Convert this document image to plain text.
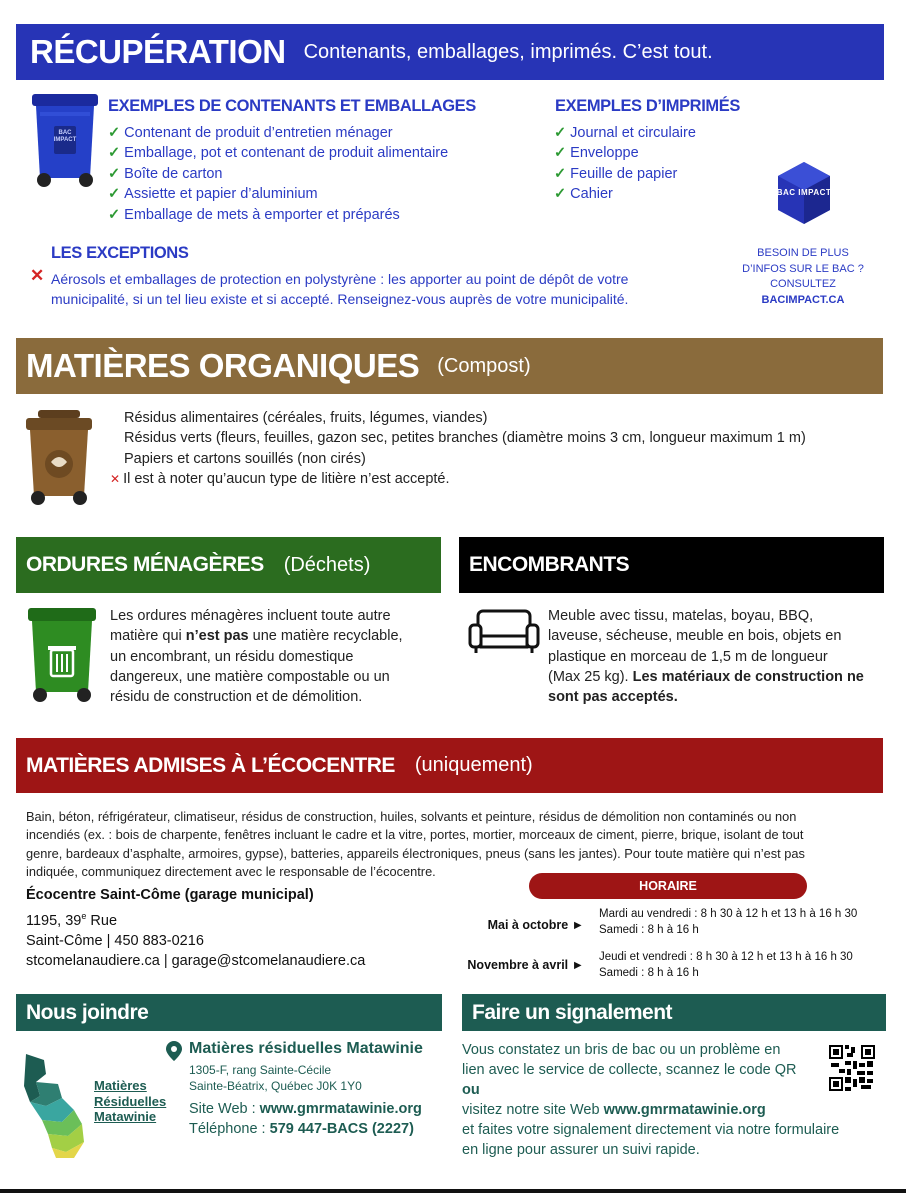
RÉCUPÉRATION Contenants, emballages, imprimés. C’est tout.
BAC IMPACT
EXEMPLES DE CONTENANTS ET EMBALLAGES
✓ Contenant de produit d’entretien ménager
✓ Emballage, pot et contenant de produit alimentaire
✓ Boîte de carton
✓ Assiette et papier d’aluminium
✓ Emballage de mets à emporter et préparés
EXEMPLES D’IMPRIMÉS
✓ Journal et circulaire
✓ Enveloppe
✓ Feuille de papier
✓ Cahier	BAC IMPACT
BESOIN DE PLUS
D’INFOS SUR LE BAC ?
CONSULTEZ
BACIMPACT.CA
LES EXCEPTIONS
✕ Aérosols et emballages de protection en polystyrène : les apporter au point de dépôt de votre
municipalité, si un tel lieu existe et si accepté. Renseignez-vous auprès de votre municipalité.
MATIÈRES ORGANIQUES (Compost)
Résidus alimentaires (céréales, fruits, légumes, viandes)
Résidus verts (fleurs, feuilles, gazon sec, petites branches (diamètre moins 3 cm, longueur maximum 1 m)
Papiers et cartons souillés (non cirés)
✕ Il est à noter qu’aucun type de litière n’est accepté.
ORDURES MÉNAGÈRES (Déchets)	ENCOMBRANTS
Les ordures ménagères incluent toute autre
matière qui n’est pas une matière recyclable,
un encombrant, un résidu domestique
dangereux, une matière compostable ou un
résidu de construction et de démolition.
Meuble avec tissu, matelas, boyau, BBQ,
laveuse, sécheuse, meuble en bois, objets en
plastique en morceau de 1,5 m de longueur
(Max 25 kg). Les matériaux de construction ne
sont pas acceptés.
MATIÈRES ADMISES À L’ÉCOCENTRE (uniquement)
Bain, béton, réfrigérateur, climatiseur, résidus de construction, huiles, solvants et peinture, résidus de démolition non contaminés ou non
incendiés (ex. : bois de charpente, fenêtres incluant le cadre et la vitre, portes, mortier, morceaux de ciment, pierre, brique, isolant de tout
genre, bardeaux d’asphalte, armoires, gypse), batteries, appareils électroniques, pneus (sans les jantes). Pour toute matière qui n’est pas
indiquée, communiquez directement avec le responsable de l’écocentre.
Écocentre Saint-Côme (garage municipal)
1195, 39e Rue
Saint-Côme | 450 883-0216
stcomelanaudiere.ca | garage@stcomelanaudiere.ca
HORAIRE
Mai à octobre ►
Mardi au vendredi : 8 h 30 à 12 h et 13 h à 16 h 30
Samedi : 8 h à 16 h
Novembre à avril ►
Jeudi et vendredi : 8 h 30 à 12 h et 13 h à 16 h 30
Samedi : 8 h à 16 h
Nous joindre
Matières
Résiduelles
Matawinie
Matières résiduelles Matawinie
1305-F, rang Sainte-Cécile
Sainte-Béatrix, Québec J0K 1Y0
Site Web : www.gmrmatawinie.org
Téléphone : 579 447-BACS (2227)
Faire un signalement
Vous constatez un bris de bac ou un problème en
lien avec le service de collecte, scannez le code QR
ou
visitez notre site Web www.gmrmatawinie.org
et faites votre signalement directement via notre formulaire
en ligne pour assurer un suivi rapide.
